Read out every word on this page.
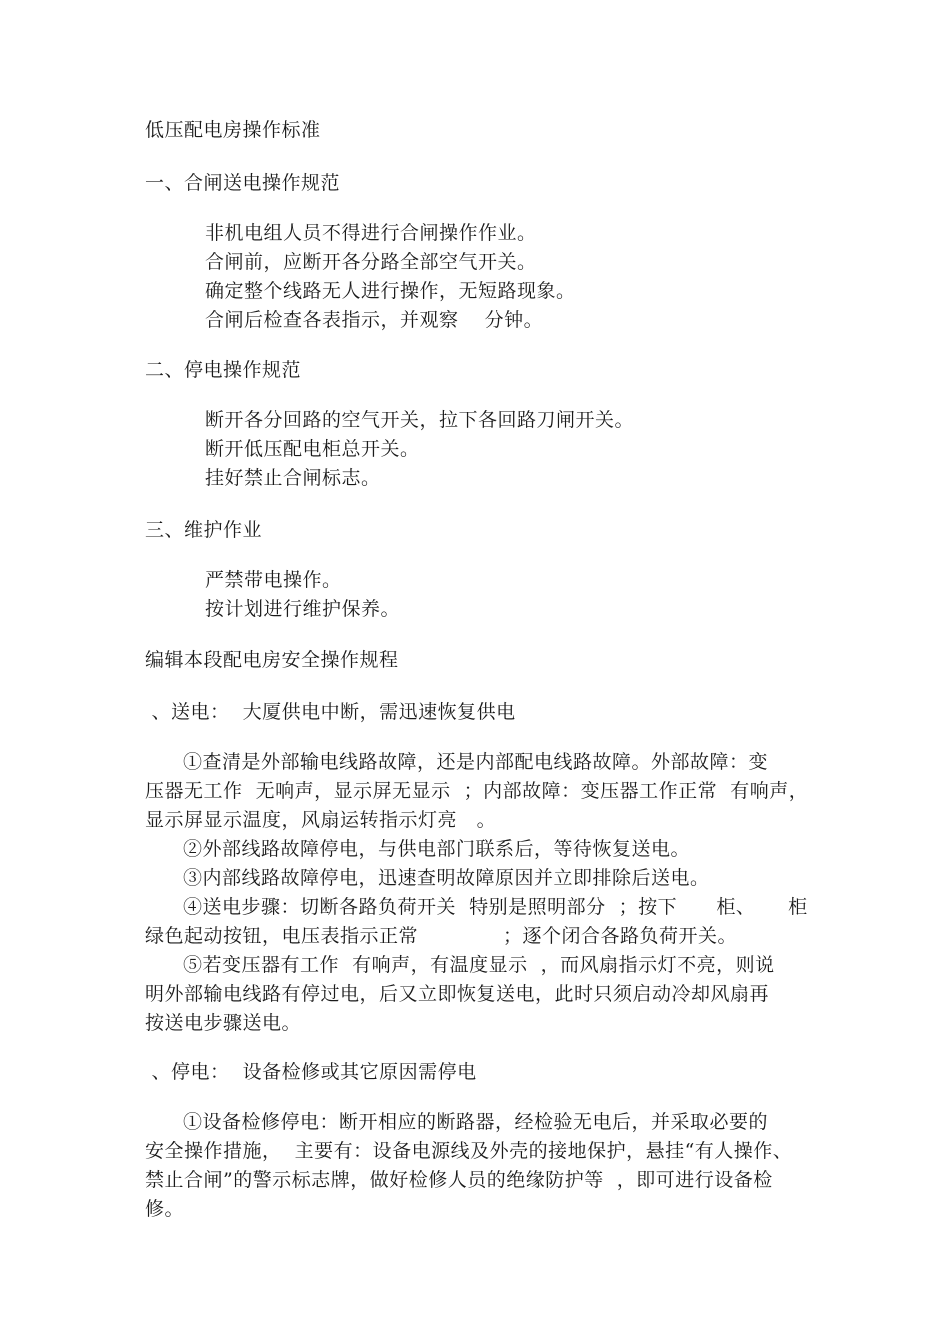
低压配电房操作标准
一、合闸送电操作规范
非机电组人员不得进行合闸操作作业。
合闸前，应断开各分路全部空气开关。
确定整个线路无人进行操作，无短路现象。
合闸后检查各表指示，并观察    分钟。
二、停电操作规范
断开各分回路的空气开关，拉下各回路刀闸开关。
断开低压配电柜总开关。
挂好禁止合闸标志。
三、维护作业
严禁带电操作。
按计划进行维护保养。
编辑本段配电房安全操作规程
、送电：  大厦供电中断，需迅速恢复供电
①查清是外部输电线路故障，还是内部配电线路故障。外部故障：变
压器无工作  无响声，显示屏无显示  ；内部故障：变压器工作正常  有响声，
显示屏显示温度，风扇运转指示灯亮   。
②外部线路故障停电，与供电部门联系后，等待恢复送电。
③内部线路故障停电，迅速查明故障原因并立即排除后送电。
④送电步骤：切断各路负荷开关  特别是照明部分  ；按下      柜、     柜
绿色起动按钮，电压表指示正常             ；逐个闭合各路负荷开关。
⑤若变压器有工作  有响声，有温度显示  ，而风扇指示灯不亮，则说
明外部输电线路有停过电，后又立即恢复送电，此时只须启动冷却风扇再
按送电步骤送电。
、停电：  设备检修或其它原因需停电
①设备检修停电：断开相应的断路器，经检验无电后，并采取必要的
安全操作措施，  主要有：设备电源线及外壳的接地保护，悬挂“有人操作、
禁止合闸”的警示标志牌，做好检修人员的绝缘防护等  ，即可进行设备检
修。
